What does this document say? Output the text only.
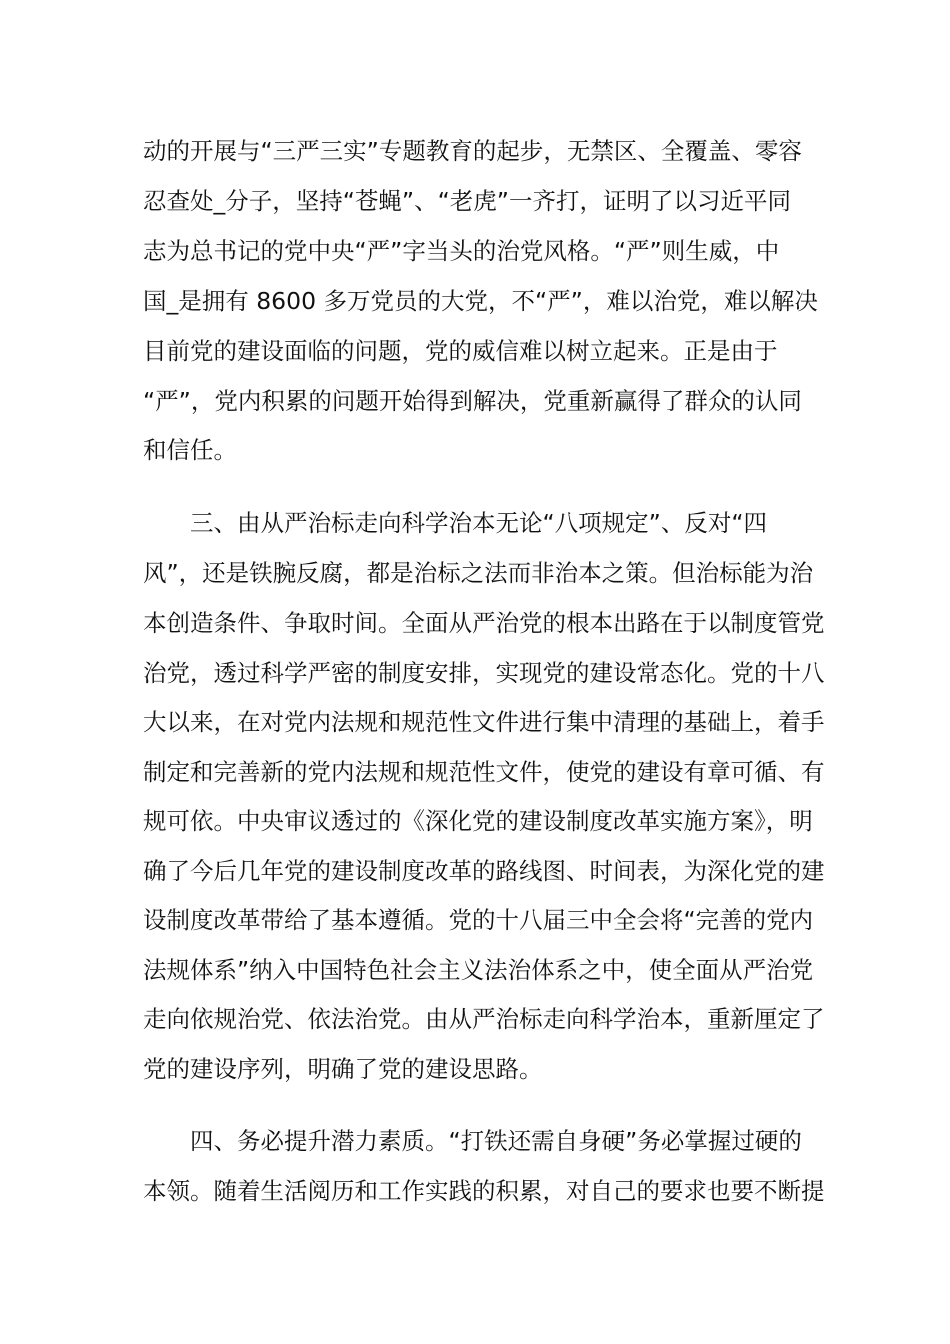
动的开展与“三严三实”专题教育的起步，无禁区、全覆盖、零容
忍查处_分子，坚持“苍蝇”、“老虎”一齐打，证明了以习近平同
志为总书记的党中央“严”字当头的治党风格。“严”则生威，中
国_是拥有 8600 多万党员的大党，不“严”，难以治党，难以解决
目前党的建设面临的问题，党的威信难以树立起来。正是由于
“严”，党内积累的问题开始得到解决，党重新赢得了群众的认同
和信任。
三、由从严治标走向科学治本无论“八项规定”、反对“四
风”，还是铁腕反腐，都是治标之法而非治本之策。但治标能为治
本创造条件、争取时间。全面从严治党的根本出路在于以制度管党
治党，透过科学严密的制度安排，实现党的建设常态化。党的十八
大以来，在对党内法规和规范性文件进行集中清理的基础上，着手
制定和完善新的党内法规和规范性文件，使党的建设有章可循、有
规可依。中央审议透过的《深化党的建设制度改革实施方案》，明
确了今后几年党的建设制度改革的路线图、时间表，为深化党的建
设制度改革带给了基本遵循。党的十八届三中全会将“完善的党内
法规体系”纳入中国特色社会主义法治体系之中，使全面从严治党
走向依规治党、依法治党。由从严治标走向科学治本，重新厘定了
党的建设序列，明确了党的建设思路。
四、务必提升潜力素质。“打铁还需自身硬”务必掌握过硬的
本领。随着生活阅历和工作实践的积累，对自己的要求也要不断提
